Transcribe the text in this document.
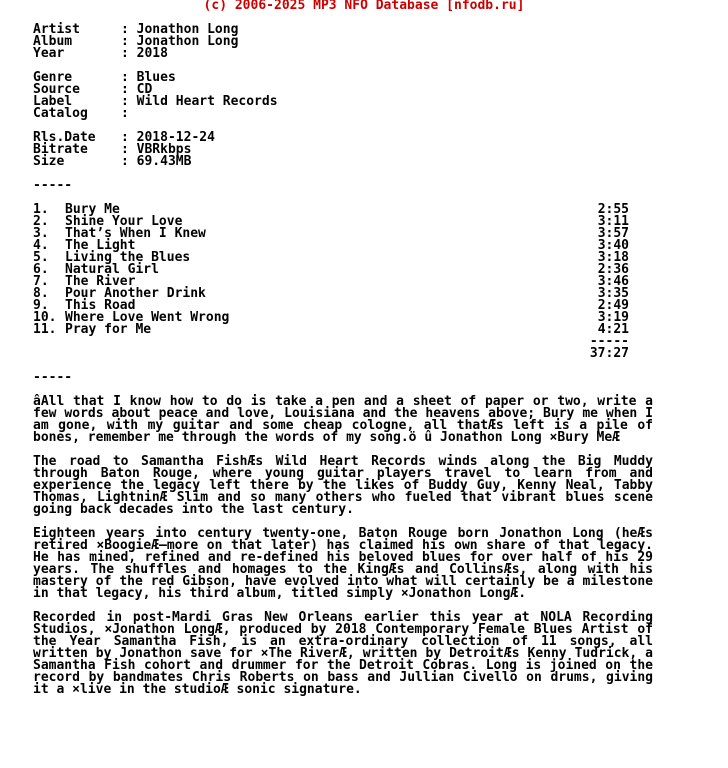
(c) 2006-2025 MP3 NFO Database [nfodb.ru]
Artist	: Jonathon Long
Album	: Jonathon Long
Year	: 2018
Genre	: Blues
Source	: CD
Label	: Wild Heart Records
Catalog	:
Rls.Date : 2018-12-24
Bitrate	: VBRkbps
Size	: 69.43MB
-----
1. Bury Me	2:55
2. Shine Your Love	3:11
3. That’s When I Knew	3:57
4. The Light	3:40
5. Living the Blues	3:18
6. Natural Girl	2:36
7. The River	3:46
8. Pour Another Drink	3:35
9. This Road	2:49
10. Where Love Went Wrong	3:19
11. Pray for Me	4:21
-----
37:27
-----
âAll that I know how to do is take a pen and a sheet of paper or two, write a few words about peace and love, Louisiana and the heavens above; Bury me when I am gone, with my guitar and some cheap cologne, all thatÆs left is a pile of bones, remember me through the words of my song.ö û Jonathon Long ×Bury MeÆ
The road to Samantha FishÆs Wild Heart Records winds along the Big Muddy through Baton Rouge, where young guitar players travel to learn from and experience the legacy left there by the likes of Buddy Guy, Kenny Neal, Tabby Thomas, LightninÆ Slim and so many others who fueled that vibrant blues scene going back decades into the last century.
Eighteen years into century twenty-one, Baton Rouge born Jonathon Long (heÆs retired ×BoogieÆ—more on that later) has claimed his own share of that legacy. He has mined, refined and re-defined his beloved blues for over half of his 29 years. The shuffles and homages to the KingÆs and CollinsÆs, along with his mastery of the red Gibson, have evolved into what will certainly be a milestone in that legacy, his third album, titled simply ×Jonathon LongÆ.
Recorded in post-Mardi Gras New Orleans earlier this year at NOLA Recording Studios, ×Jonathon LongÆ, produced by 2018 Contemporary Female Blues Artist of the Year Samantha Fish, is an extra-ordinary collection of 11 songs, all written by Jonathon save for ×The RiverÆ, written by DetroitÆs Kenny Tudrick, a Samantha Fish cohort and drummer for the Detroit Cobras. Long is joined on the record by bandmates Chris Roberts on bass and Jullian Civello on drums, giving it a ×live in the studioÆ sonic signature.
